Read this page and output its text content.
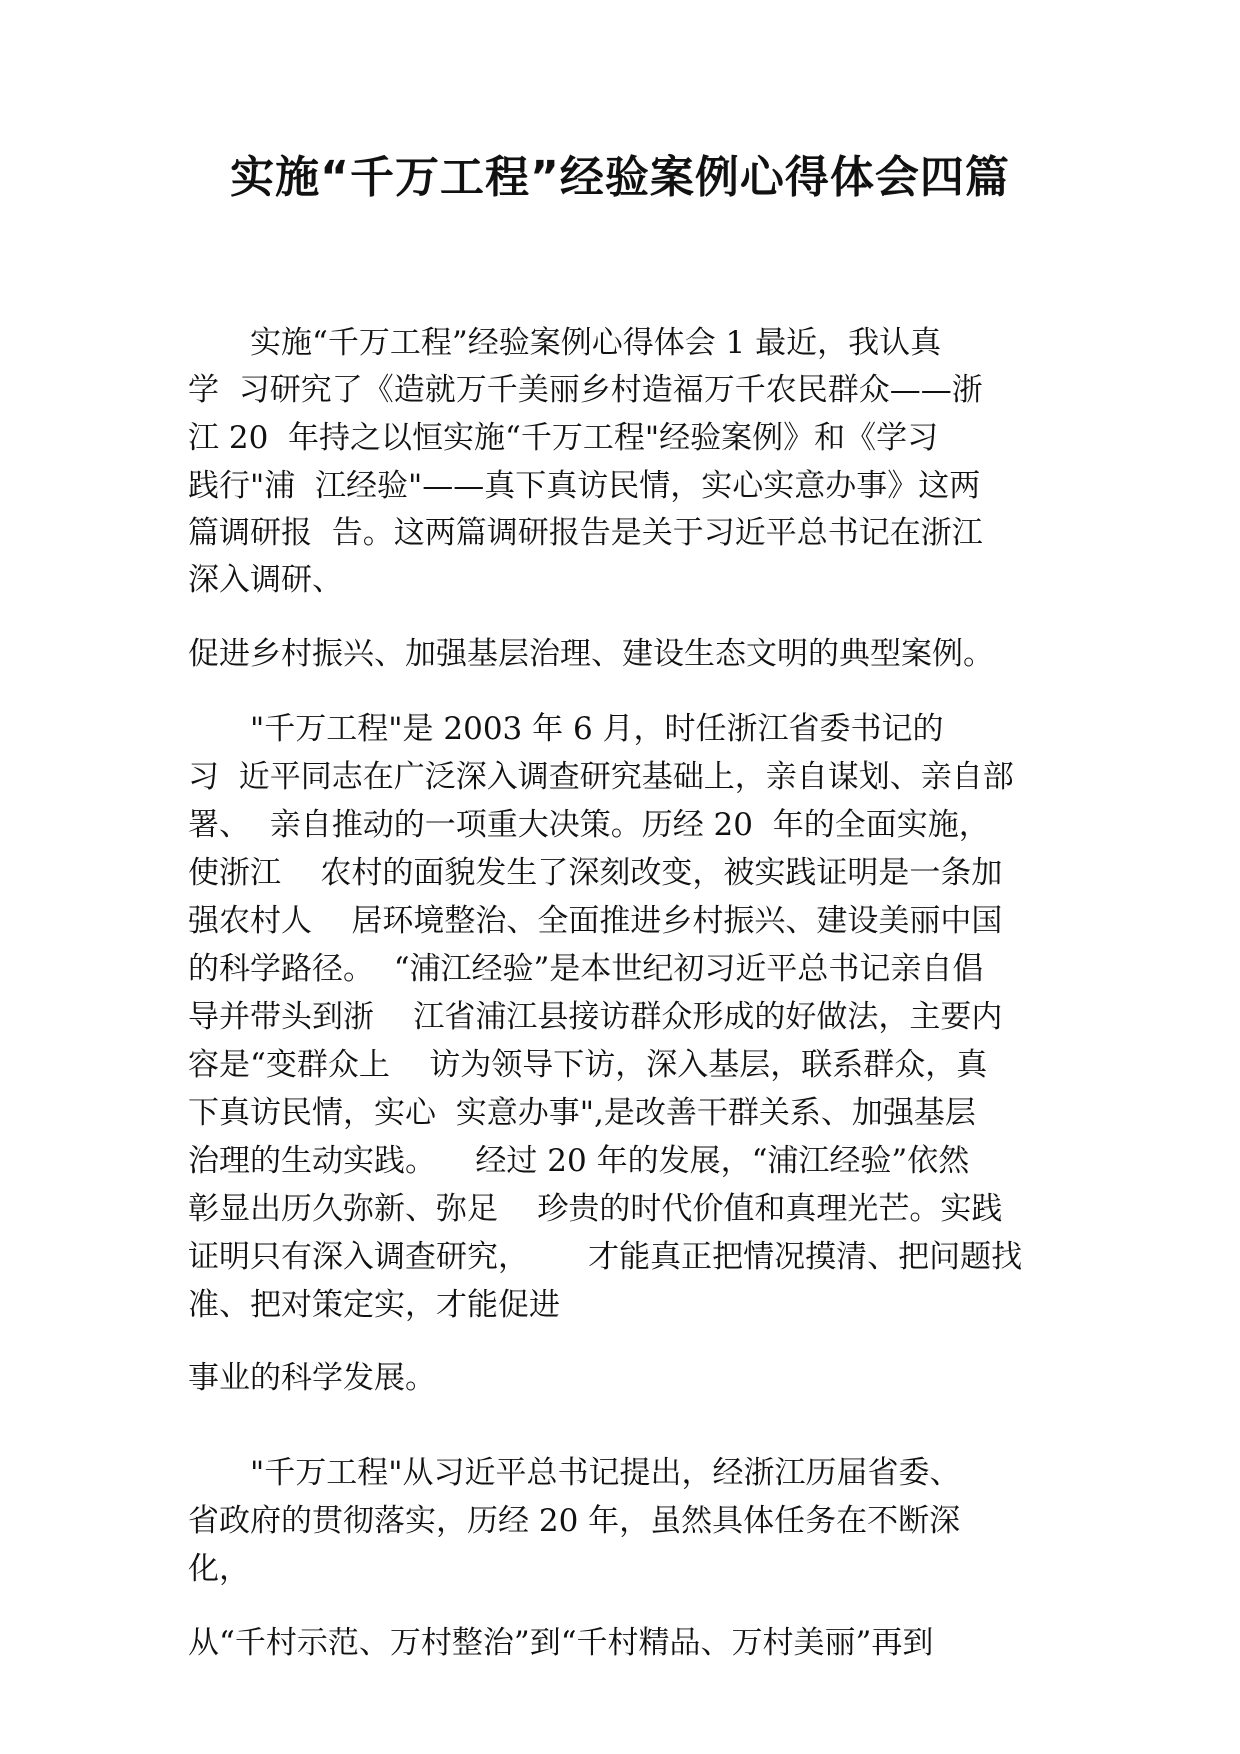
实施“千万工程”经验案例心得体会四篇

　　实施“千万工程”经验案例心得体会 1 最近，我认真

学  习研究了《造就万千美丽乡村造福万千农民群众——浙

江 20  年持之以恒实施“千万工程"经验案例》和《学习

践行"浦  江经验"——真下真访民情，实心实意办事》这两

篇调研报  告。这两篇调研报告是关于习近平总书记在浙江

深入调研、

促进乡村振兴、加强基层治理、建设生态文明的典型案例。

　　"千万工程"是 2003 年 6 月，时任浙江省委书记的

习  近平同志在广泛深入调查研究基础上，亲自谋划、亲自部

署、  亲自推动的一项重大决策。历经 20  年的全面实施，

使浙江    农村的面貌发生了深刻改变，被实践证明是一条加

强农村人    居环境整治、全面推进乡村振兴、建设美丽中国

的科学路径。  “浦江经验”是本世纪初习近平总书记亲自倡

导并带头到浙    江省浦江县接访群众形成的好做法，主要内

容是“变群众上    访为领导下访，深入基层，联系群众，真

下真访民情，实心  实意办事",是改善干群关系、加强基层

治理的生动实践。    经过 20 年的发展，“浦江经验”依然

彰显出历久弥新、弥足    珍贵的时代价值和真理光芒。实践

证明只有深入调查研究，      才能真正把情况摸清、把问题找

准、把对策定实，才能促进

事业的科学发展。

　　"千万工程"从习近平总书记提出，经浙江历届省委、

省政府的贯彻落实，历经 20 年，虽然具体任务在不断深

化，

从“千村示范、万村整治”到“千村精品、万村美丽”再到
